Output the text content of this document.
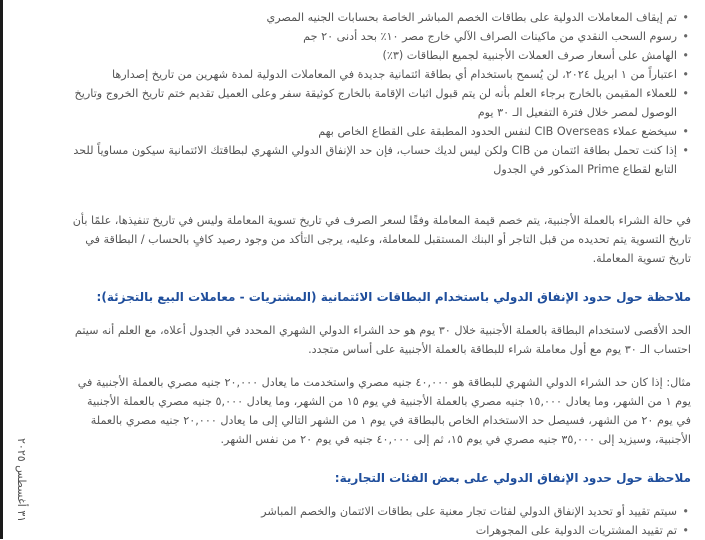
٣١ أغسطس ٢٠٢٥
• تم إيقاف المعاملات الدولية على بطاقات الخصم المباشر الخاصة بحسابات الجنيه المصري
• رسوم السحب النقدي من ماكينات الصراف الآلي خارج مصر ١٠٪ بحد أدنى ٢٠ جم
• الهامش على أسعار صرف العملات الأجنبية لجميع البطاقات (٣٪)
• اعتباراً من ١ ابريل ٢٠٢٤، لن يُسمح باستخدام أي بطاقة ائتمانية جديدة في المعاملات الدولية لمدة شهرين من تاريخ إصدارها
• للعملاء المقيمن بالخارج برجاء العلم بأنه لن يتم قبول اثبات الإقامة بالخارج كوثيقة سفر وعلى العميل تقديم ختم تاريخ الخروج وتاريخ الوصول لمصر خلال فترة التفعيل الـ ٣٠ يوم
• سيخضع عملاء CIB Overseas لنفس الحدود المطبقة على القطاع الخاص بهم
• إذا كنت تحمل بطاقة ائتمان من CIB ولكن ليس لديك حساب، فإن حد الإنفاق الدولي الشهري لبطاقتك الائتمانية سيكون مساوياً للحد التابع لقطاع Prime المذكور في الجدول

في حالة الشراء بالعملة الأجنبية، يتم خصم قيمة المعاملة وفقًا لسعر الصرف في تاريخ تسوية المعاملة وليس في تاريخ تنفيذها، علمًا بأن تاريخ التسوية يتم تحديده من قبل التاجر أو البنك المستقبل للمعاملة، وعليه، يرجى التأكد من وجود رصيد كافٍ بالحساب / البطاقة في تاريخ تسوية المعاملة.

ملاحظة حول حدود الإنفاق الدولي باستخدام البطاقات الائتمانية (المشتريات - معاملات البيع بالتجزئة):

الحد الأقصى لاستخدام البطاقة بالعملة الأجنبية خلال ٣٠ يوم هو حد الشراء الدولي الشهري المحدد في الجدول أعلاه، مع العلم أنه سيتم احتساب الـ ٣٠ يوم مع أول معاملة شراء للبطاقة بالعملة الأجنبية على أساس متجدد.

مثال: إذا كان حد الشراء الدولي الشهري للبطاقة هو ٤٠,٠٠٠ جنيه مصري واستخدمت ما يعادل ٢٠,٠٠٠ جنيه مصري بالعملة الأجنبية في يوم ١ من الشهر، وما يعادل ١٥,٠٠٠ جنيه مصري بالعملة الأجنبية في يوم ١٥ من الشهر، وما يعادل ٥,٠٠٠ جنيه مصري بالعملة الأجنبية في يوم ٢٠ من الشهر، فسيصل حد الاستخدام الخاص بالبطاقة في يوم ١ من الشهر التالي إلى ما يعادل ٢٠,٠٠٠ جنيه مصري بالعملة الأجنبية، وسيزيد إلى ٣٥,٠٠٠ جنيه مصري في يوم ١٥، ثم إلى ٤٠,٠٠٠ جنيه في يوم ٢٠ من نفس الشهر.

ملاحظة حول حدود الإنفاق الدولي على بعض الفئات التجارية:
• سيتم تقييد أو تحديد الإنفاق الدولي لفئات تجار معنية على بطاقات الائتمان والخصم المباشر
• تم تقييد المشتريات الدولية على المجوهرات
